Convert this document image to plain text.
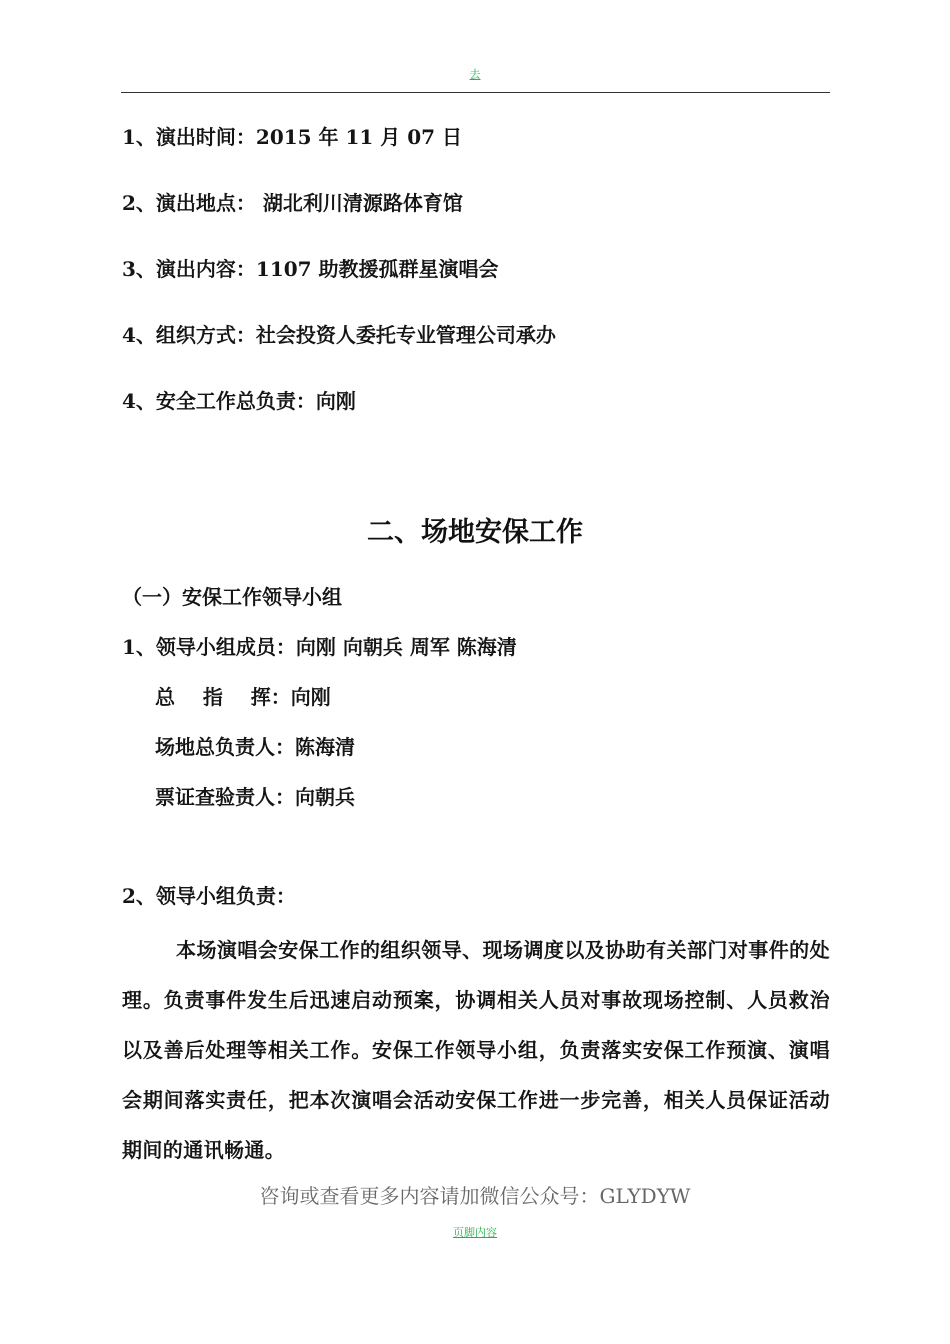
去
1、演出时间：2015 年 11 月 07 日
2、演出地点： 湖北利川清源路体育馆
3、演出内容：1107 助教援孤群星演唱会
4、组织方式：社会投资人委托专业管理公司承办
4、安全工作总负责：向刚
二、场地安保工作
（一）安保工作领导小组
1、领导小组成员：向刚 向朝兵 周军 陈海清
总    指    挥：向刚
场地总负责人：陈海清
票证查验责人：向朝兵
2、领导小组负责：
本场演唱会安保工作的组织领导、现场调度以及协助有关部门对事件的处理。负责事件发生后迅速启动预案，协调相关人员对事故现场控制、人员救治以及善后处理等相关工作。安保工作领导小组，负责落实安保工作预演、演唱会期间落实责任，把本次演唱会活动安保工作进一步完善，相关人员保证活动期间的通讯畅通。
咨询或查看更多内容请加微信公众号：GLYDYW
页脚内容
